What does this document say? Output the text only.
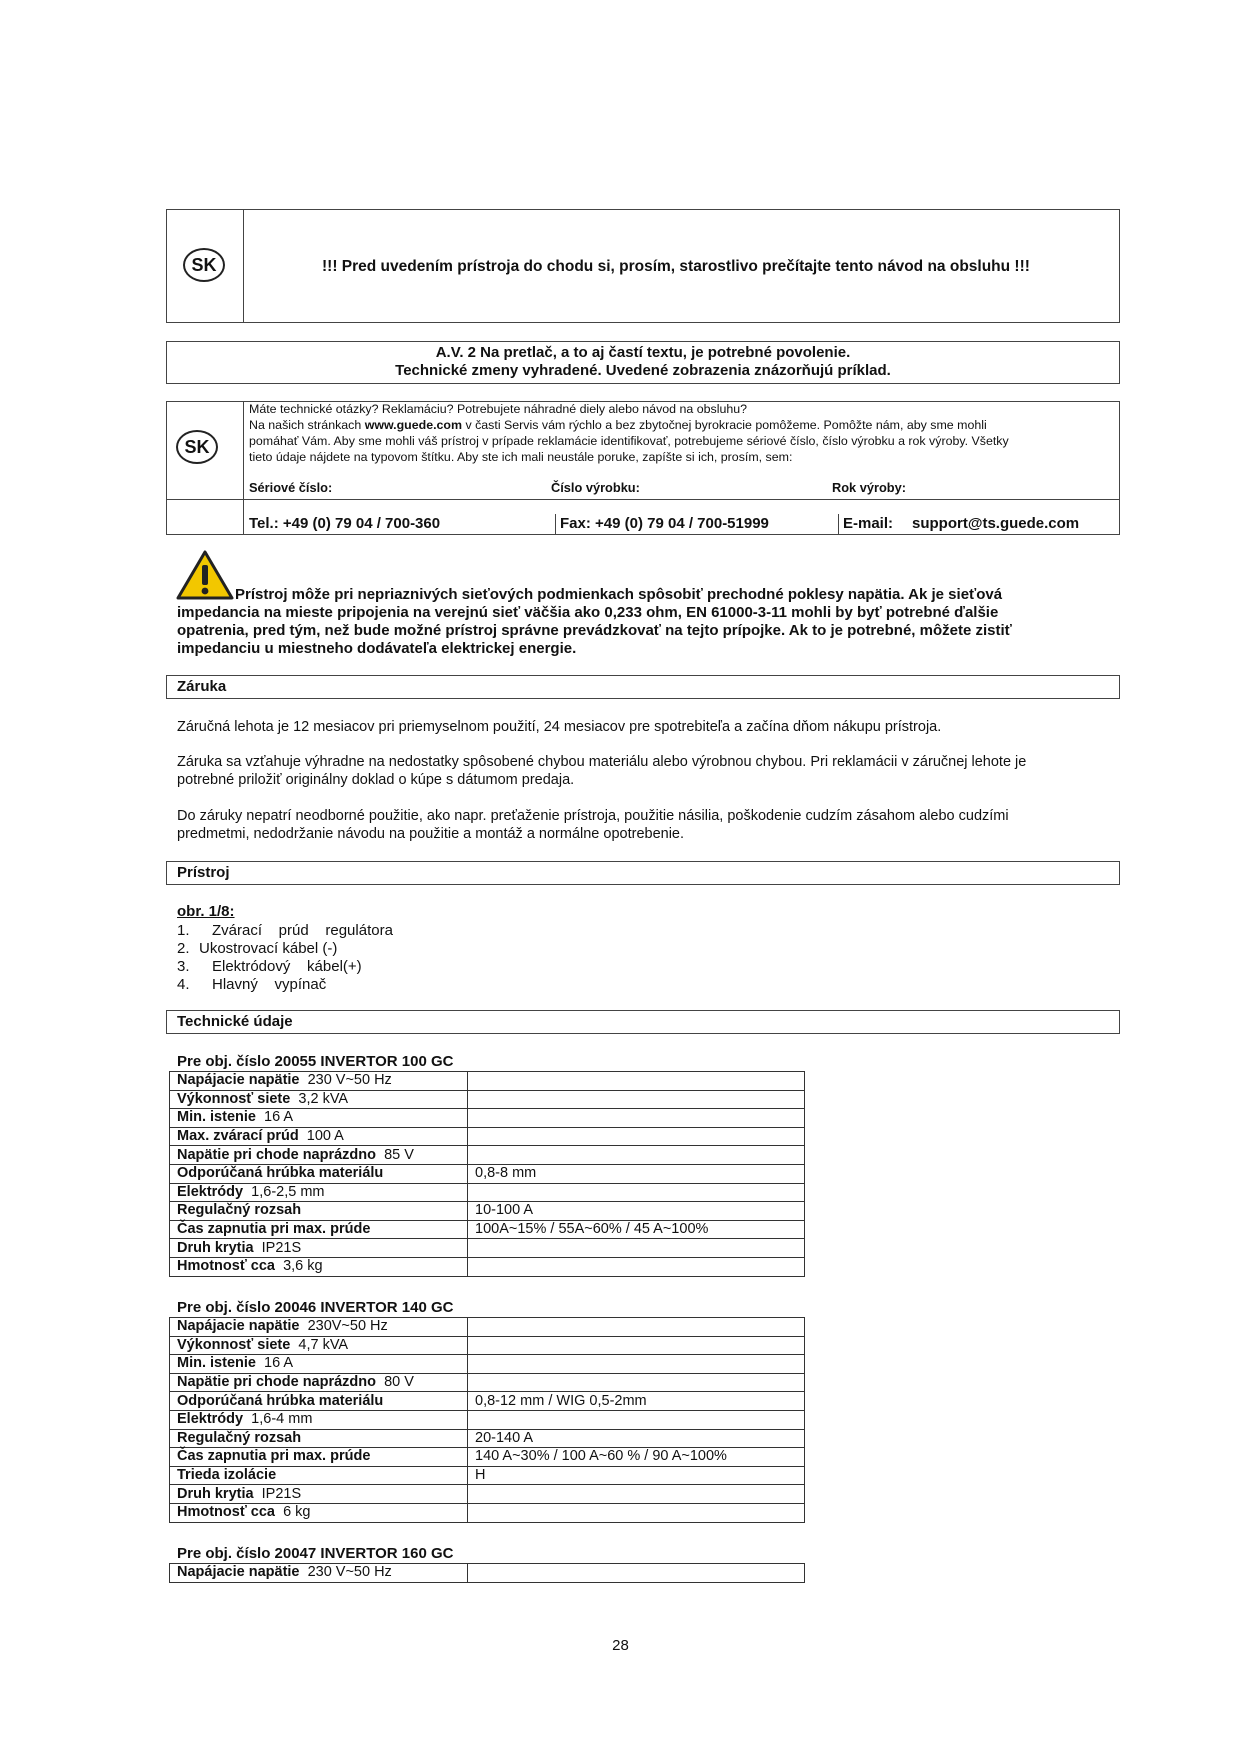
SK	!!! Pred uvedením prístroja do chodu si, prosím, starostlivo prečítajte tento návod na obsluhu !!!
A.V. 2 Na pretlač, a to aj častí textu, je potrebné povolenie.
Technické zmeny vyhradené. Uvedené zobrazenia znázorňujú príklad.
SK
Máte technické otázky? Reklamáciu? Potrebujete náhradné diely alebo návod na obsluhu?
Na našich stránkach www.guede.com v časti Servis vám rýchlo a bez zbytočnej byrokracie pomôžeme. Pomôžte nám, aby sme mohli
pomáhať Vám. Aby sme mohli váš prístroj v prípade reklamácie identifikovať, potrebujeme sériové číslo, číslo výrobku a rok výroby. Všetky
tieto údaje nájdete na typovom štítku. Aby ste ich mali neustále poruke, zapíšte si ich, prosím, sem:
Sériové číslo:	Číslo výrobku:	Rok výroby:
Tel.: +49 (0) 79 04 / 700-360	Fax: +49 (0) 79 04 / 700-51999	E-mail: support@ts.guede.com
Prístroj môže pri nepriaznivých sieťových podmienkach spôsobiť prechodné poklesy napätia. Ak je sieťová
impedancia na mieste pripojenia na verejnú sieť väčšia ako 0,233 ohm, EN 61000-3-11 mohli by byť potrebné ďalšie
opatrenia, pred tým, než bude možné prístroj správne prevádzkovať na tejto prípojke. Ak to je potrebné, môžete zistiť
impedanciu u miestneho dodávateľa elektrickej energie.
Záruka
Záručná lehota je 12 mesiacov pri priemyselnom použití, 24 mesiacov pre spotrebiteľa a začína dňom nákupu prístroja.
Záruka sa vzťahuje výhradne na nedostatky spôsobené chybou materiálu alebo výrobnou chybou. Pri reklamácii v záručnej lehote je
potrebné priložiť originálny doklad o kúpe s dátumom predaja.
Do záruky nepatrí neodborné použitie, ako napr. preťaženie prístroja, použitie násilia, poškodenie cudzím zásahom alebo cudzími
predmetmi, nedodržanie návodu na použitie a montáž a normálne opotrebenie.
Prístroj
obr. 1/8:
1. Zvárací    prúd    regulátora
2. Ukostrovací kábel (-)
3. Elektródový    kábel(+)
4. Hlavný    vypínač
Technické údaje
Pre obj. číslo 20055 INVERTOR 100 GC
Napájacie napätie 230 V~50 Hz	
Výkonnosť siete 3,2 kVA	
Min. istenie 16 A	
Max. zvárací prúd 100 A	
Napätie pri chode naprázdno 85 V	
Odporúčaná hrúbka materiálu	0,8-8 mm
Elektródy 1,6-2,5 mm	
Regulačný rozsah	10-100 A
Čas zapnutia pri max. prúde	100A~15% / 55A~60% / 45 A~100%
Druh krytia IP21S	
Hmotnosť cca 3,6 kg	
Pre obj. číslo 20046 INVERTOR 140 GC
Napájacie napätie 230V~50 Hz	
Výkonnosť siete 4,7 kVA	
Min. istenie 16 A	
Napätie pri chode naprázdno 80 V	
Odporúčaná hrúbka materiálu	0,8-12 mm / WIG 0,5-2mm
Elektródy 1,6-4 mm	
Regulačný rozsah	20-140 A
Čas zapnutia pri max. prúde	140 A~30% / 100 A~60 % / 90 A~100%
Trieda izolácie	H
Druh krytia IP21S	
Hmotnosť cca 6 kg	
Pre obj. číslo 20047 INVERTOR 160 GC
Napájacie napätie 230 V~50 Hz	
28
